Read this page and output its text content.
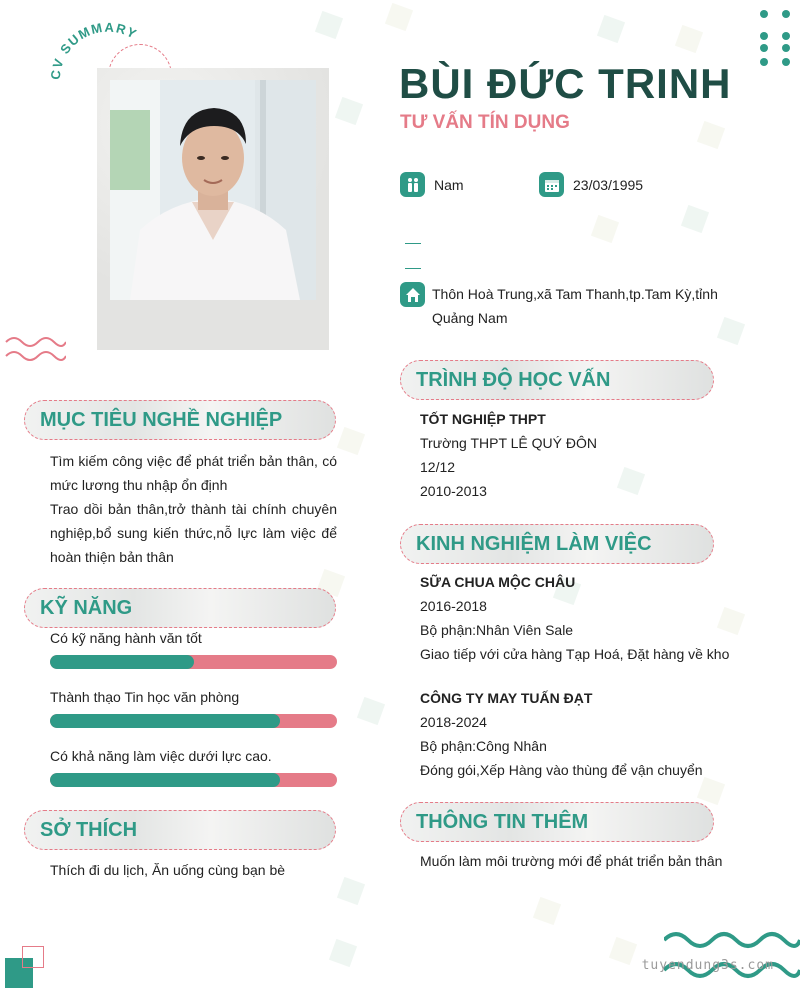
CV SUMMARY
BÙI ĐỨC TRINH
TƯ VẤN TÍN DỤNG
Nam	23/03/1995
Thôn Hoà Trung,xã Tam Thanh,tp.Tam Kỳ,tỉnh Quảng Nam
MỤC TIÊU NGHỀ NGHIỆP
Tìm kiếm công việc để phát triển bản thân, có mức lương thu nhập ổn định
Trao dồi bản thân,trở thành tài chính chuyên nghiệp,bổ sung kiến thức,nỗ lực làm việc để hoàn thiện bản thân
KỸ NĂNG
Có kỹ năng hành văn tốt
Thành thạo Tin học văn phòng
Có khả năng làm việc dưới lực cao.
SỞ THÍCH
Thích đi du lịch, Ăn uống cùng bạn bè
TRÌNH ĐỘ HỌC VẤN
TỐT NGHIỆP THPT
Trường THPT LÊ QUÝ ĐÔN
12/12
2010-2013
KINH NGHIỆM LÀM VIỆC
SỮA CHUA MỘC CHÂU
2016-2018
Bộ phận:Nhân Viên Sale
Giao tiếp với cửa hàng Tạp Hoá, Đặt hàng về kho
CÔNG TY MAY TUẤN ĐẠT
2018-2024
Bộ phận:Công Nhân
Đóng gói,Xếp Hàng vào thùng để vận chuyển
THÔNG TIN THÊM
Muốn làm môi trường mới để phát triển bản thân
tuyendung3s.com
